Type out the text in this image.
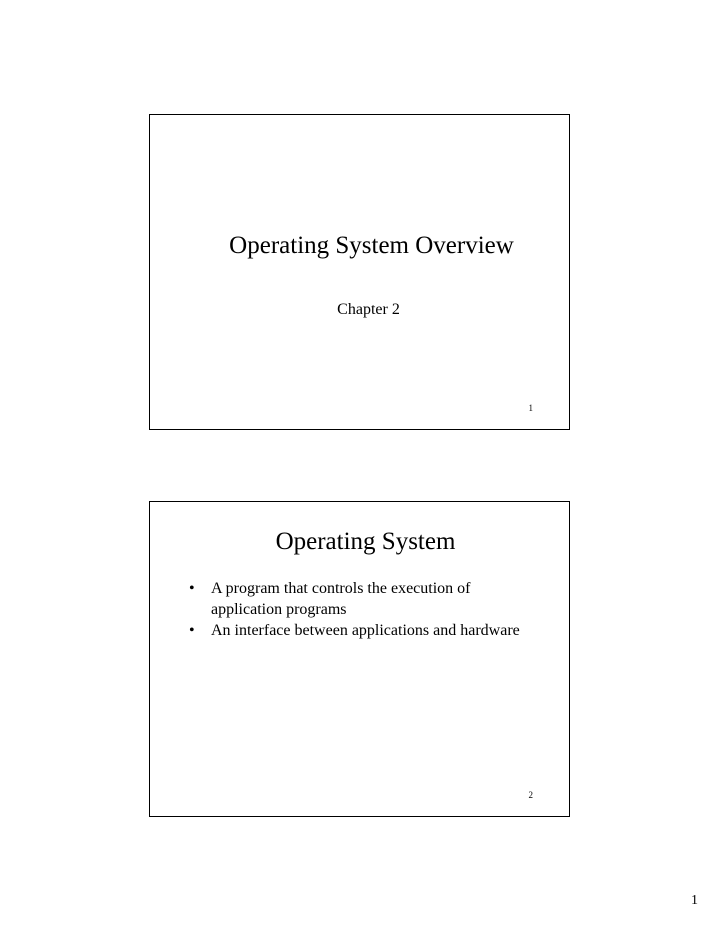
Operating System Overview
Chapter 2
1
Operating System
• A program that controls the execution of application programs
• An interface between applications and hardware
2
1
